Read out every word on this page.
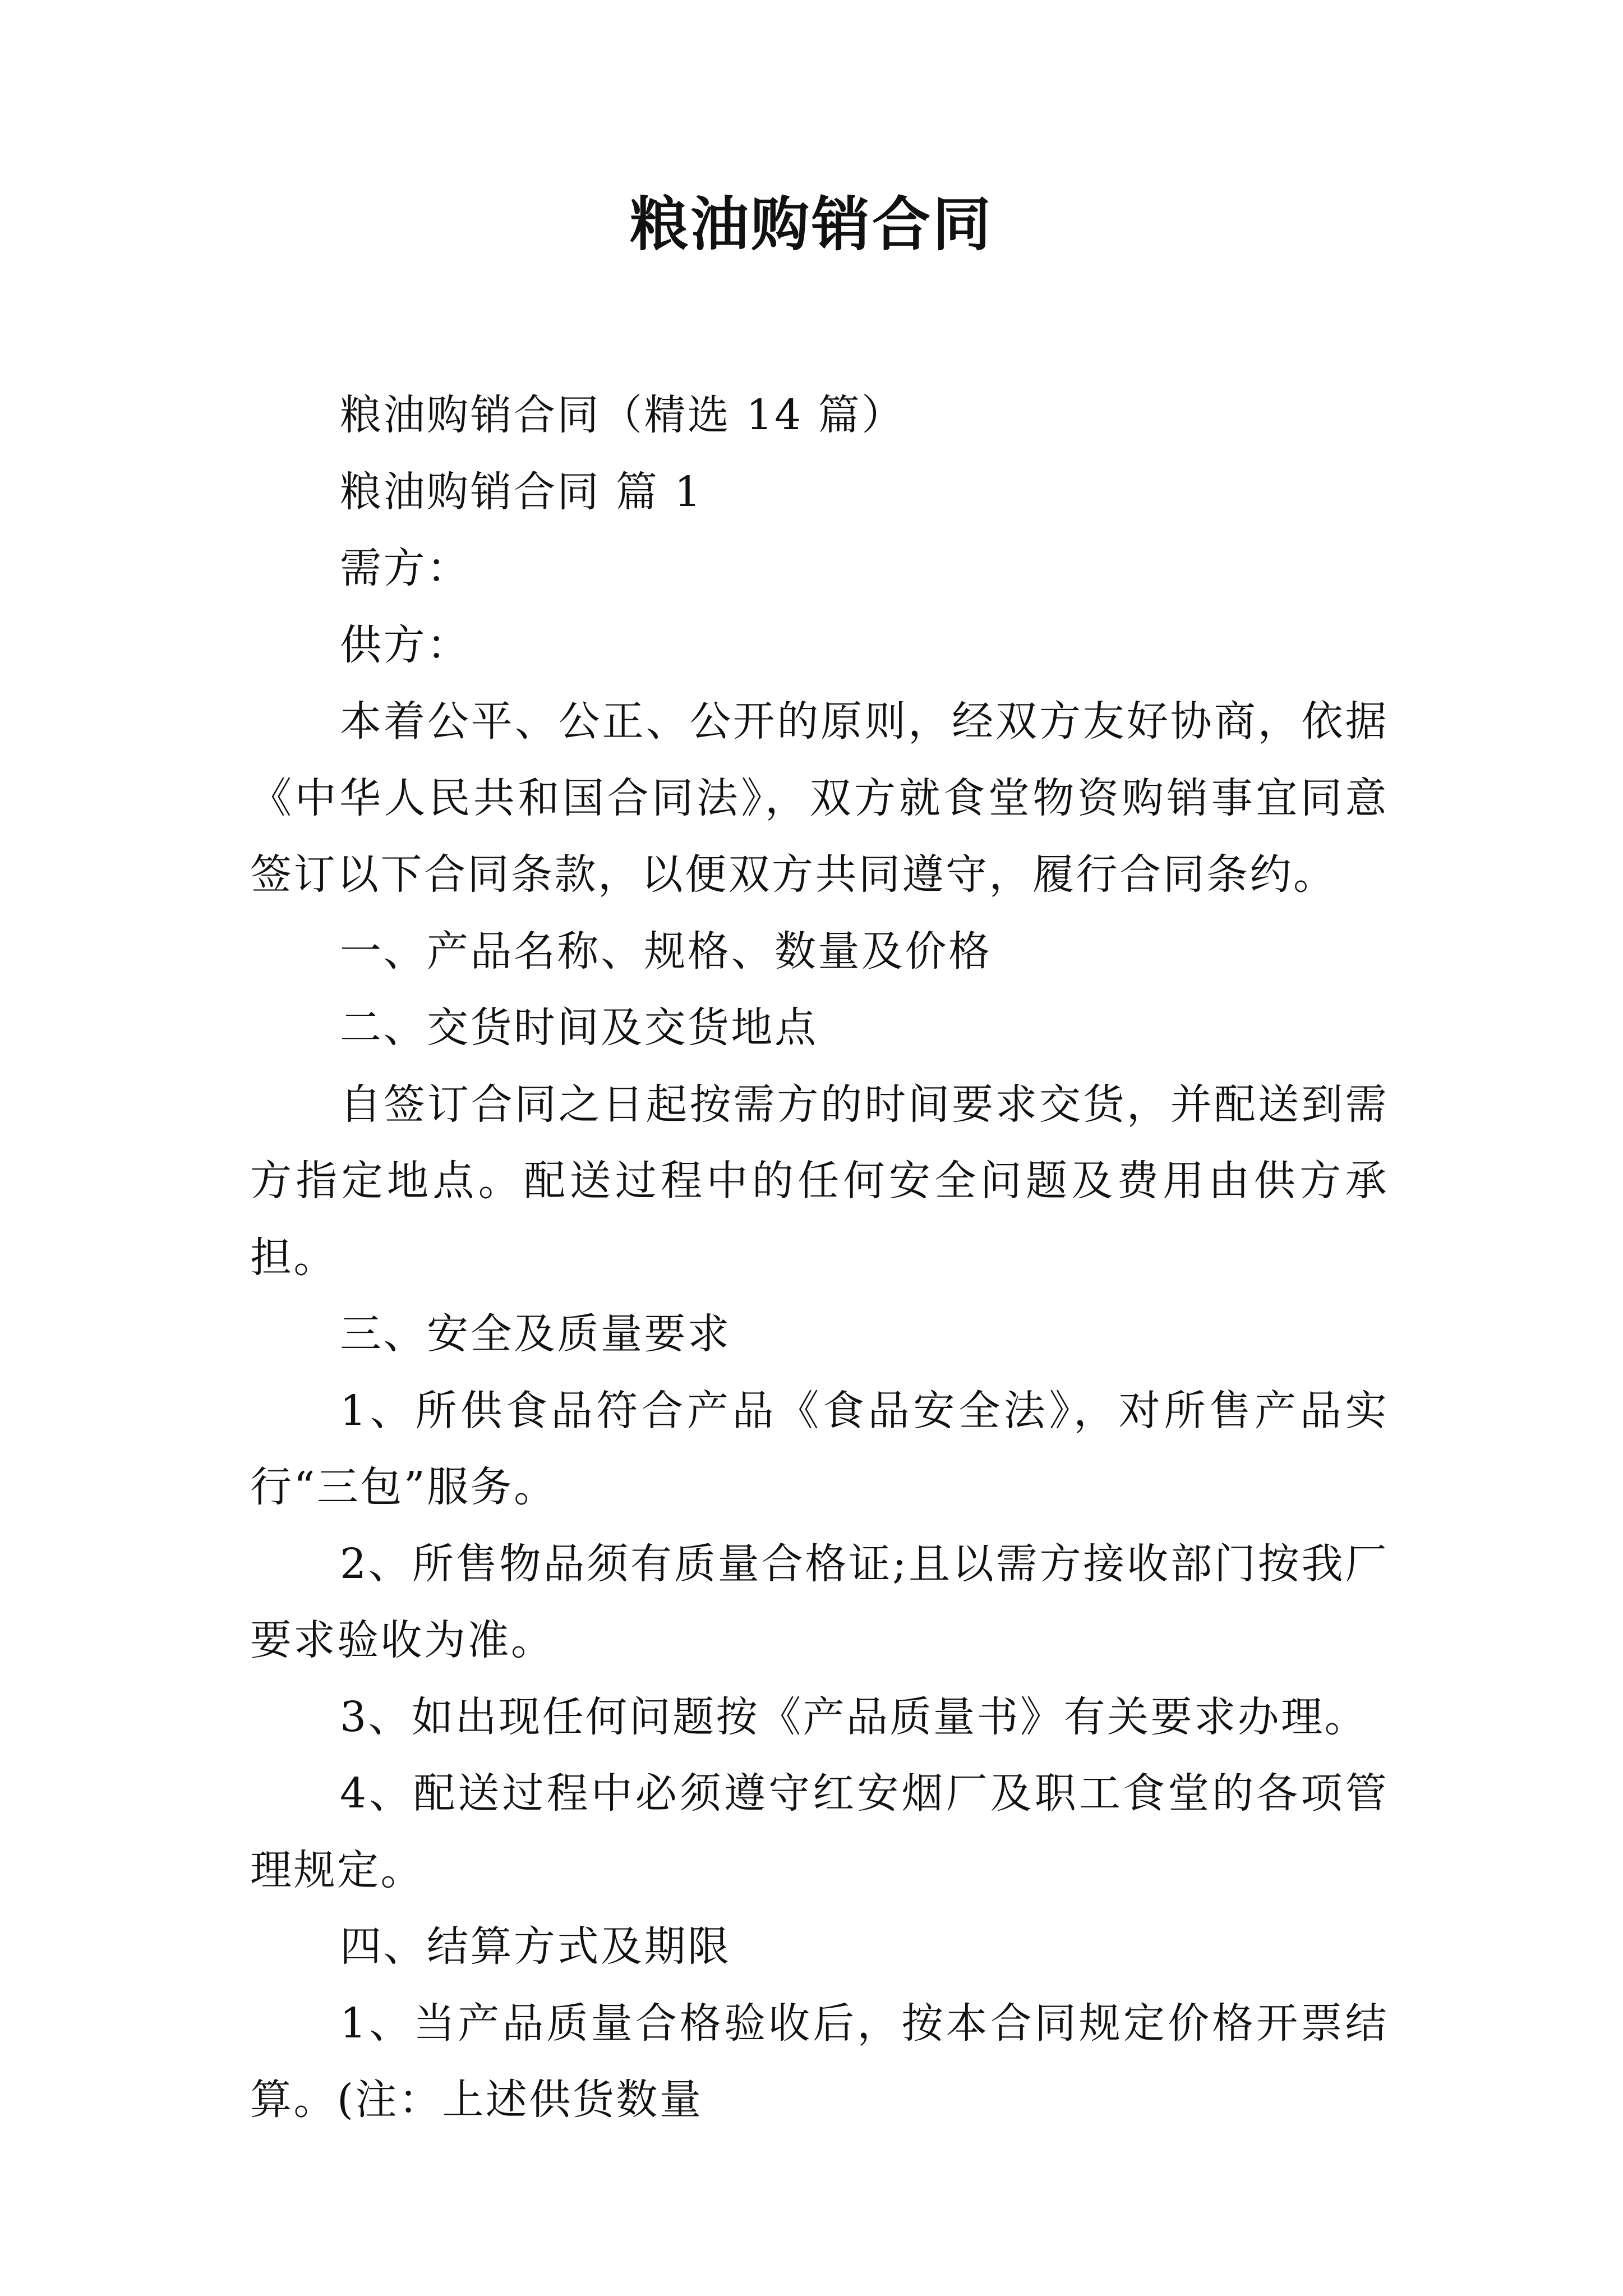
粮油购销合同

粮油购销合同（精选 14 篇）

粮油购销合同 篇 1

需方：

供方：

本着公平、公正、公开的原则，经双方友好协商，依据《中华人民共和国合同法》，双方就食堂物资购销事宜同意签订以下合同条款，以便双方共同遵守，履行合同条约。

一、产品名称、规格、数量及价格

二、交货时间及交货地点

自签订合同之日起按需方的时间要求交货，并配送到需方指定地点。配送过程中的任何安全问题及费用由供方承担。

三、安全及质量要求

1、所供食品符合产品《食品安全法》，对所售产品实行“三包”服务。

2、所售物品须有质量合格证;且以需方接收部门按我厂要求验收为准。

3、如出现任何问题按《产品质量书》有关要求办理。

4、配送过程中必须遵守红安烟厂及职工食堂的各项管理规定。

四、结算方式及期限

1、当产品质量合格验收后，按本合同规定价格开票结算。(注：上述供货数量
